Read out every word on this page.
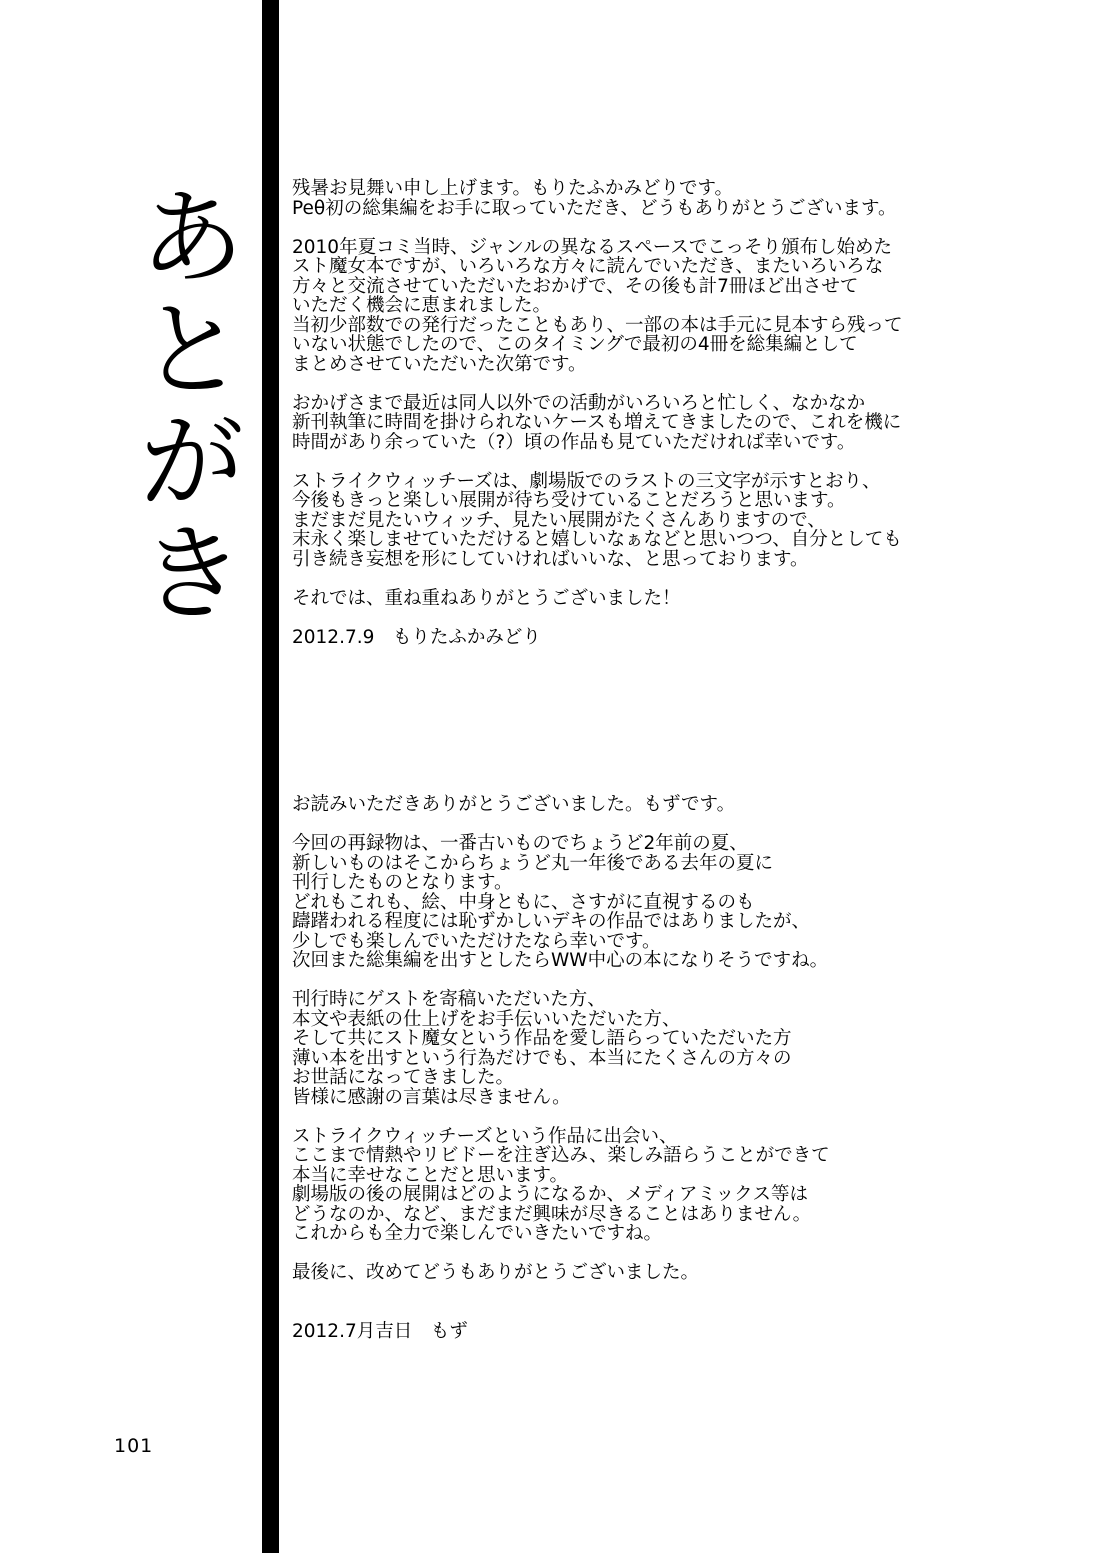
あ
と
が
き
残暑お見舞い申し上げます。もりたふかみどりです。
Peθ初の総集編をお手に取っていただき、どうもありがとうございます。
2010年夏コミ当時、ジャンルの異なるスペースでこっそり頒布し始めた
スト魔女本ですが、いろいろな方々に読んでいただき、またいろいろな
方々と交流させていただいたおかげで、その後も計7冊ほど出させて
いただく機会に恵まれました。
当初少部数での発行だったこともあり、一部の本は手元に見本すら残って
いない状態でしたので、このタイミングで最初の4冊を総集編として
まとめさせていただいた次第です。
おかげさまで最近は同人以外での活動がいろいろと忙しく、なかなか
新刊執筆に時間を掛けられないケースも増えてきましたので、これを機に
時間があり余っていた（?）頃の作品も見ていただければ幸いです。
ストライクウィッチーズは、劇場版でのラストの三文字が示すとおり、
今後もきっと楽しい展開が待ち受けていることだろうと思います。
まだまだ見たいウィッチ、見たい展開がたくさんありますので、
末永く楽しませていただけると嬉しいなぁなどと思いつつ、自分としても
引き続き妄想を形にしていければいいな、と思っております。
それでは、重ね重ねありがとうございました！
2012.7.9　もりたふかみどり
お読みいただきありがとうございました。もずです。
今回の再録物は、一番古いものでちょうど2年前の夏、
新しいものはそこからちょうど丸一年後である去年の夏に
刊行したものとなります。
どれもこれも、絵、中身ともに、さすがに直視するのも
躊躇われる程度には恥ずかしいデキの作品ではありましたが、
少しでも楽しんでいただけたなら幸いです。
次回また総集編を出すとしたらWW中心の本になりそうですね。
刊行時にゲストを寄稿いただいた方、
本文や表紙の仕上げをお手伝いいただいた方、
そして共にスト魔女という作品を愛し語らっていただいた方
薄い本を出すという行為だけでも、本当にたくさんの方々の
お世話になってきました。
皆様に感謝の言葉は尽きません。
ストライクウィッチーズという作品に出会い、
ここまで情熱やリビドーを注ぎ込み、楽しみ語らうことができて
本当に幸せなことだと思います。
劇場版の後の展開はどのようになるか、メディアミックス等は
どうなのか、など、まだまだ興味が尽きることはありません。
これからも全力で楽しんでいきたいですね。
最後に、改めてどうもありがとうございました。
2012.7月吉日　もず
101
